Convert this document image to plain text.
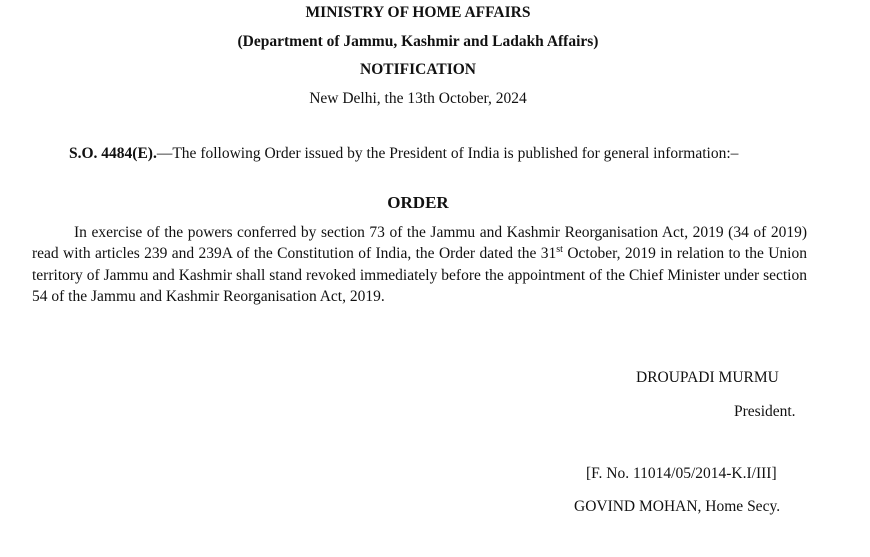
MINISTRY OF HOME AFFAIRS
(Department of Jammu, Kashmir and Ladakh Affairs)
NOTIFICATION
New Delhi, the 13th October, 2024
S.O. 4484(E).—The following Order issued by the President of India is published for general information:–
ORDER
In exercise of the powers conferred by section 73 of the Jammu and Kashmir Reorganisation Act, 2019 (34 of 2019) read with articles 239 and 239A of the Constitution of India, the Order dated the 31st October, 2019 in relation to the Union territory of Jammu and Kashmir shall stand revoked immediately before the appointment of the Chief Minister under section 54 of the Jammu and Kashmir Reorganisation Act, 2019.
DROUPADI MURMU
President.
[F. No. 11014/05/2014-K.I/III]
GOVIND MOHAN, Home Secy.
